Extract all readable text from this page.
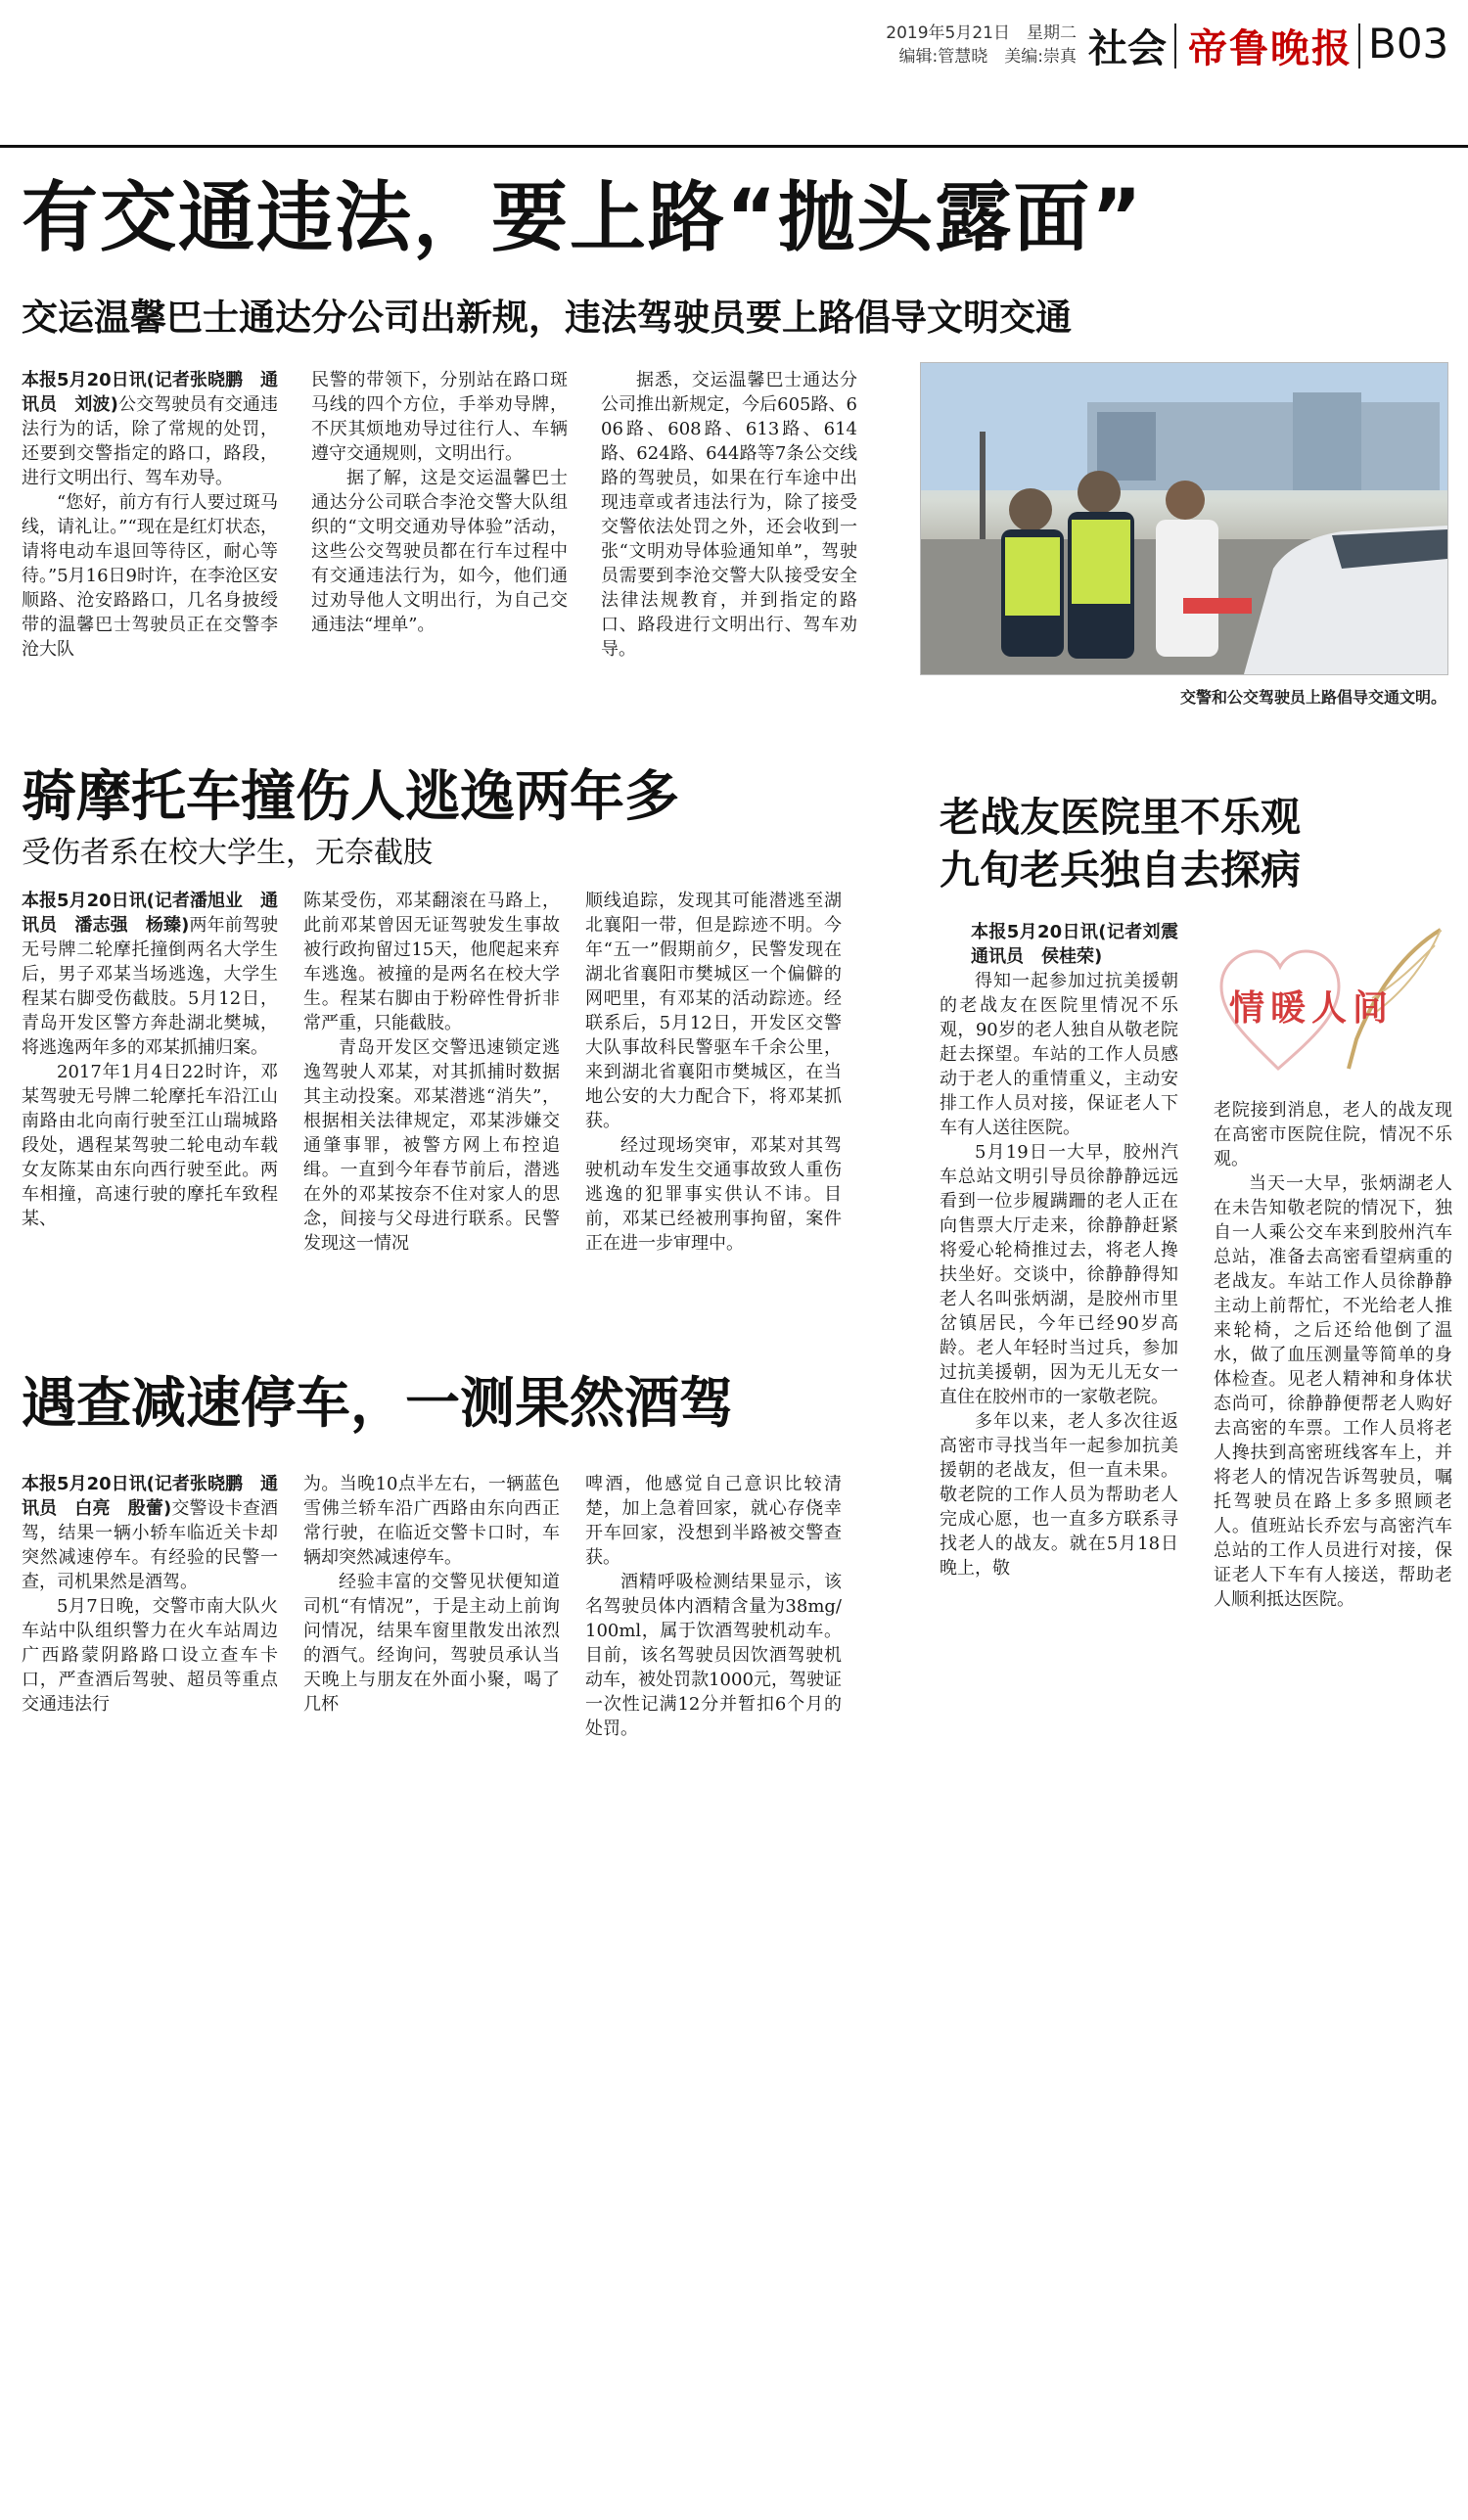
2019年5月21日　星期二
编辑:管慧晓　美编:崇真 社会 帝鲁晚报 B03
有交通违法，要上路“抛头露面”
交运温馨巴士通达分公司出新规，违法驾驶员要上路倡导文明交通

本报5月20日讯(记者张晓鹏　通讯员　刘波)公交驾驶员有交通违法行为的话，除了常规的处罚，还要到交警指定的路口，路段，进行文明出行、驾车劝导。

“您好，前方有行人要过斑马线，请礼让。”“现在是红灯状态，请将电动车退回等待区，耐心等待。”5月16日9时许，在李沧区安顺路、沧安路路口，几名身披绶带的温馨巴士驾驶员正在交警李沧大队

民警的带领下，分别站在路口斑马线的四个方位，手举劝导牌，不厌其烦地劝导过往行人、车辆遵守交通规则，文明出行。

据了解，这是交运温馨巴士通达分公司联合李沧交警大队组织的“文明交通劝导体验”活动，这些公交驾驶员都在行车过程中有交通违法行为，如今，他们通过劝导他人文明出行，为自己交通违法“埋单”。

据悉，交运温馨巴士通达分公司推出新规定，今后605路、606路、608路、613路、614路、624路、644路等7条公交线路的驾驶员，如果在行车途中出现违章或者违法行为，除了接受交警依法处罚之外，还会收到一张“文明劝导体验通知单”，驾驶员需要到李沧交警大队接受安全法律法规教育，并到指定的路口、路段进行文明出行、驾车劝导。

交警和公交驾驶员上路倡导交通文明。
骑摩托车撞伤人逃逸两年多
受伤者系在校大学生，无奈截肢

本报5月20日讯(记者潘旭业　通讯员　潘志强　杨臻)两年前驾驶无号牌二轮摩托撞倒两名大学生后，男子邓某当场逃逸，大学生程某右脚受伤截肢。5月12日，青岛开发区警方奔赴湖北樊城，将逃逸两年多的邓某抓捕归案。

2017年1月4日22时许，邓某驾驶无号牌二轮摩托车沿江山南路由北向南行驶至江山瑞城路段处，遇程某驾驶二轮电动车载女友陈某由东向西行驶至此。两车相撞，高速行驶的摩托车致程某、

陈某受伤，邓某翻滚在马路上，此前邓某曾因无证驾驶发生事故被行政拘留过15天，他爬起来弃车逃逸。被撞的是两名在校大学生。程某右脚由于粉碎性骨折非常严重，只能截肢。

青岛开发区交警迅速锁定逃逸驾驶人邓某，对其抓捕时数据其主动投案。邓某潜逃“消失”，根据相关法律规定，邓某涉嫌交通肇事罪，被警方网上布控追缉。一直到今年春节前后，潜逃在外的邓某按奈不住对家人的思念，间接与父母进行联系。民警发现这一情况

顺线追踪，发现其可能潜逃至湖北襄阳一带，但是踪迹不明。今年“五一”假期前夕，民警发现在湖北省襄阳市樊城区一个偏僻的网吧里，有邓某的活动踪迹。经联系后，5月12日，开发区交警大队事故科民警驱车千余公里，来到湖北省襄阳市樊城区，在当地公安的大力配合下，将邓某抓获。

经过现场突审，邓某对其驾驶机动车发生交通事故致人重伤逃逸的犯罪事实供认不讳。目前，邓某已经被刑事拘留，案件正在进一步审理中。

遇查减速停车，一测果然酒驾

本报5月20日讯(记者张晓鹏　通讯员　白亮　殷蕾)交警设卡查酒驾，结果一辆小轿车临近关卡却突然减速停车。有经验的民警一查，司机果然是酒驾。

5月7日晚，交警市南大队火车站中队组织警力在火车站周边广西路蒙阴路路口设立查车卡口，严查酒后驾驶、超员等重点交通违法行

为。当晚10点半左右，一辆蓝色雪佛兰轿车沿广西路由东向西正常行驶，在临近交警卡口时，车辆却突然减速停车。

经验丰富的交警见状便知道司机“有情况”，于是主动上前询问情况，结果车窗里散发出浓烈的酒气。经询问，驾驶员承认当天晚上与朋友在外面小聚，喝了几杯

啤酒，他感觉自己意识比较清楚，加上急着回家，就心存侥幸开车回家，没想到半路被交警查获。

酒精呼吸检测结果显示，该名驾驶员体内酒精含量为38mg/100ml，属于饮酒驾驶机动车。目前，该名驾驶员因饮酒驾驶机动车，被处罚款1000元，驾驶证一次性记满12分并暂扣6个月的处罚。

老战友医院里不乐观
九旬老兵独自去探病
情暖人间

本报5月20日讯(记者刘震　通讯员　侯桂荣)

得知一起参加过抗美援朝的老战友在医院里情况不乐观，90岁的老人独自从敬老院赶去探望。车站的工作人员感动于老人的重情重义，主动安排工作人员对接，保证老人下车有人送往医院。

5月19日一大早，胶州汽车总站文明引导员徐静静远远看到一位步履蹒跚的老人正在向售票大厅走来，徐静静赶紧将爱心轮椅推过去，将老人搀扶坐好。交谈中，徐静静得知老人名叫张炳湖，是胶州市里岔镇居民，今年已经90岁高龄。老人年轻时当过兵，参加过抗美援朝，因为无儿无女一直住在胶州市的一家敬老院。

多年以来，老人多次往返高密市寻找当年一起参加抗美援朝的老战友，但一直未果。敬老院的工作人员为帮助老人完成心愿，也一直多方联系寻找老人的战友。就在5月18日晚上，敬

老院接到消息，老人的战友现在高密市医院住院，情况不乐观。

当天一大早，张炳湖老人在未告知敬老院的情况下，独自一人乘公交车来到胶州汽车总站，准备去高密看望病重的老战友。车站工作人员徐静静主动上前帮忙，不光给老人推来轮椅，之后还给他倒了温水，做了血压测量等简单的身体检查。见老人精神和身体状态尚可，徐静静便帮老人购好去高密的车票。工作人员将老人搀扶到高密班线客车上，并将老人的情况告诉驾驶员，嘱托驾驶员在路上多多照顾老人。值班站长乔宏与高密汽车总站的工作人员进行对接，保证老人下车有人接送，帮助老人顺利抵达医院。
